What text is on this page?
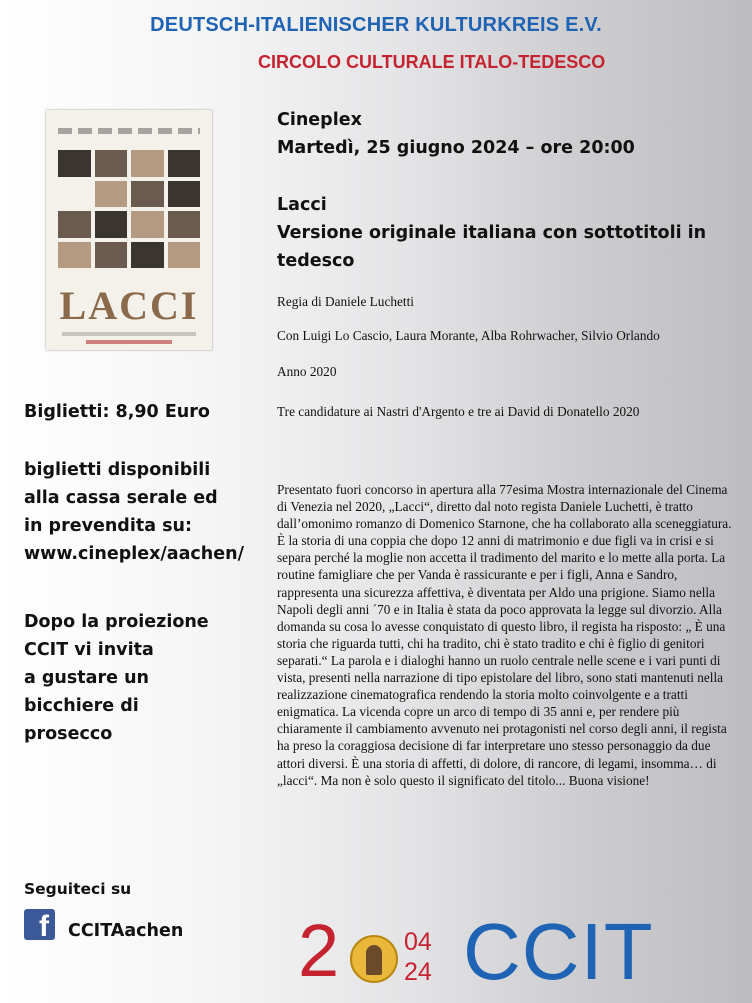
DEUTSCH-ITALIENISCHER KULTURKREIS E.V.
CIRCOLO CULTURALE ITALO-TEDESCO
LACCI
Cineplex
Martedì, 25 giugno 2024 – ore 20:00
Lacci
Versione originale italiana con sottotitoli in tedesco
Regia di Daniele Luchetti
Con Luigi Lo Cascio, Laura Morante, Alba Rohrwacher, Silvio Orlando
Anno 2020
Tre candidature ai Nastri d'Argento e tre ai David di Donatello 2020
Presentato fuori concorso in apertura alla 77esima Mostra internazionale del Cinema di Venezia nel 2020, „Lacci“, diretto dal noto regista Daniele Luchetti, è tratto dall’omonimo romanzo di Domenico Starnone, che ha collaborato alla sceneggiatura. È la storia di una coppia che dopo 12 anni di matrimonio e due figli va in crisi e si separa perché la moglie non accetta il tradimento del marito e lo mette alla porta. La routine famigliare che per Vanda è rassicurante e per i figli, Anna e Sandro, rappresenta una sicurezza affettiva, è diventata per Aldo una prigione. Siamo nella Napoli degli anni ´70 e in Italia è stata da poco approvata la legge sul divorzio. Alla domanda su cosa lo avesse conquistato di questo libro, il regista ha risposto: „ È una storia che riguarda tutti, chi ha tradito, chi è stato tradito e chi è figlio di genitori separati.“ La parola e i dialoghi hanno un ruolo centrale nelle scene e i vari punti di vista, presenti nella narrazione di tipo epistolare del libro, sono stati mantenuti nella realizzazione cinematografica rendendo la storia molto coinvolgente e a tratti enigmatica. La vicenda copre un arco di tempo di 35 anni e, per rendere più chiaramente il cambiamento avvenuto nei protagonisti nel corso degli anni, il regista ha preso la coraggiosa decisione di far interpretare uno stesso personaggio da due attori diversi. È una storia di affetti, di dolore, di rancore, di legami, insomma… di „lacci“. Ma non è solo questo il significato del titolo... Buona visione!
Biglietti: 8,90 Euro
biglietti disponibili
alla cassa serale ed
in prevendita su:
www.cineplex/aachen/
Dopo la proiezione
CCIT vi invita
a gustare un
bicchiere di
prosecco
Seguiteci su
f	CCITAachen 2	04
24 CCIT
